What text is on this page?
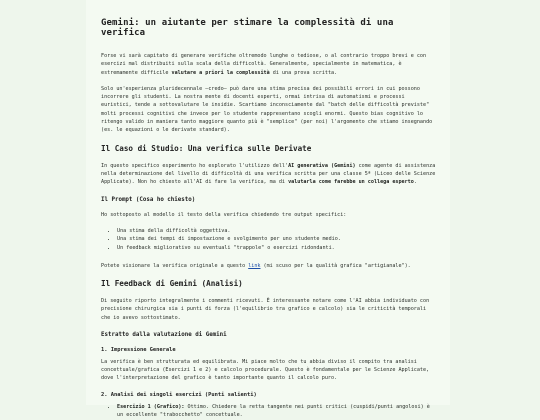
Gemini: un aiutante per stimare la complessità di una verifica

Forse vi sarà capitato di generare verifiche oltremodo lunghe o tediose, o al contrario troppo brevi e con esercizi mal distribuiti sulla scala della difficoltà. Generalmente, specialmente in matematica, è estremamente difficile valutare a priori la complessità di una prova scritta.

Solo un'esperienza pluridecennale —credo— può dare una stima precisa dei possibili errori in cui possono incorrere gli studenti. La nostra mente di docenti esperti, ormai intrisa di automatismi e processi euristici, tende a sottovalutare le insidie. Scartiamo inconsciamente dal "batch delle difficoltà previste" molti processi cognitivi che invece per lo studente rappresentano scogli enormi. Questo bias cognitivo lo ritengo valido in maniera tanto maggiore quanto più è "semplice" (per noi) l'argomento che stiamo insegnando (es. le equazioni o le derivate standard).

Il Caso di Studio: Una verifica sulle Derivate

In questo specifico esperimento ho esplorato l'utilizzo dell'AI generativa (Gemini) come agente di assistenza nella determinazione del livello di difficoltà di una verifica scritta per una classe 5ª (Liceo delle Scienze Applicate). Non ho chiesto all'AI di fare la verifica, ma di valutarla come farebbe un collega esperto.

Il Prompt (Cosa ho chiesto)

Ho sottoposto al modello il testo della verifica chiedendo tre output specifici:

• Una stima della difficoltà oggettiva.
• Una stima dei tempi di impostazione e svolgimento per uno studente medio.
• Un feedback migliorativo su eventuali "trappole" o esercizi ridondanti.

Potete visionare la verifica originale a questo link (mi scuso per la qualità grafica "artigianale").

Il Feedback di Gemini (Analisi)

Di seguito riporto integralmente i commenti ricevuti. È interessante notare come l'AI abbia individuato con precisione chirurgica sia i punti di forza (l'equilibrio tra grafico e calcolo) sia le criticità temporali che io avevo sottostimato.

Estratto dalla valutazione di Gemini
1. Impressione Generale

La verifica è ben strutturata ed equilibrata. Mi piace molto che tu abbia diviso il compito tra analisi concettuale/grafica (Esercizi 1 e 2) e calcolo procedurale. Questo è fondamentale per le Scienze Applicate, dove l'interpretazione del grafico è tanto importante quanto il calcolo puro.

2. Analisi dei singoli esercizi (Punti salienti)
• Esercizio 1 (Grafico): Ottimo. Chiedere la retta tangente nei punti critici (cuspidi/punti angolosi) è un eccellente "trabocchetto" concettuale.
